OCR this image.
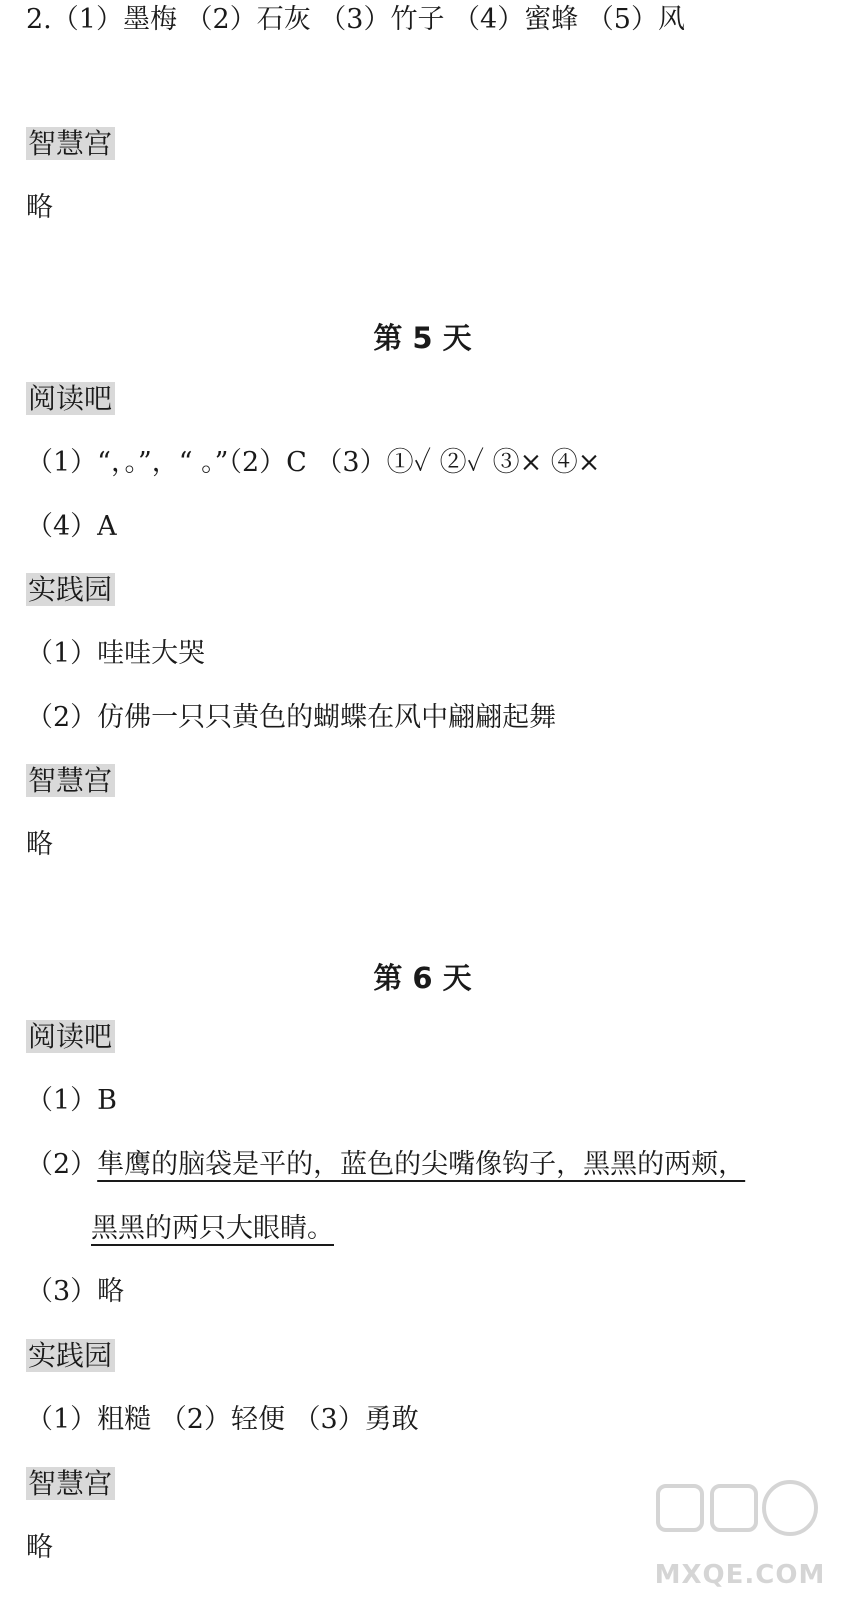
2.（1）墨梅 （2）石灰 （3）竹子 （4）蜜蜂 （5）风
智慧宫
略
第 5 天
阅读吧
（1）“，。”，“ 。”（2）C （3）①✓ ②✓ ③× ④×
（4）A
实践园
（1）哇哇大哭
（2）仿佛一只只黄色的蝴蝶在风中翩翩起舞
智慧宫
略
第 6 天
阅读吧
（1）B
（2）隼鹰的脑袋是平的，蓝色的尖嘴像钩子，黑黑的两颊，
黑黑的两只大眼睛。
（3）略
实践园
（1）粗糙 （2）轻便 （3）勇敢
智慧宫
略
MXQE.COM
